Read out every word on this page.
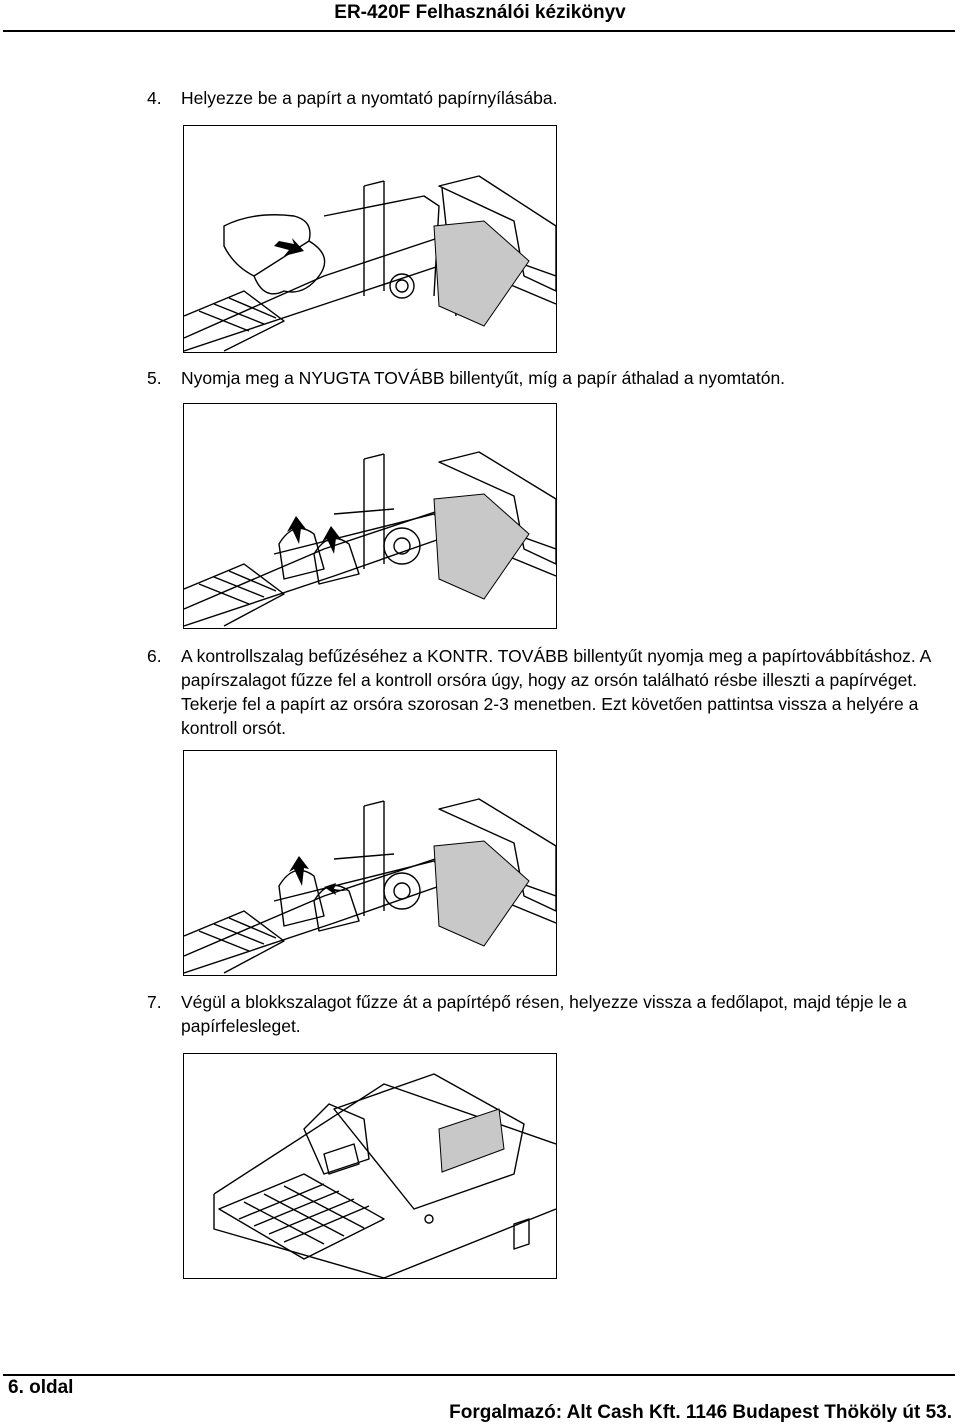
ER-420F Felhasználói kézikönyv
4. Helyezze be a papírt a nyomtató papírnyílásába.
5. Nyomja meg a NYUGTA TOVÁBB billentyűt, míg a papír áthalad a nyomtatón.
6. A kontrollszalag befűzéséhez a KONTR. TOVÁBB billentyűt nyomja meg a papírtovábbításhoz. A papírszalagot fűzze fel a kontroll orsóra úgy, hogy az orsón található résbe illeszti a papírvéget. Tekerje fel a papírt az orsóra szorosan 2-3 menetben. Ezt követően pattintsa vissza a helyére a kontroll orsót.
7. Végül a blokkszalagot fűzze át a papírtépő résen, helyezze vissza a fedőlapot, majd tépje le a papírfelesleget.
6. oldal
Forgalmazó: Alt Cash Kft. 1146 Budapest Thököly út 53.
